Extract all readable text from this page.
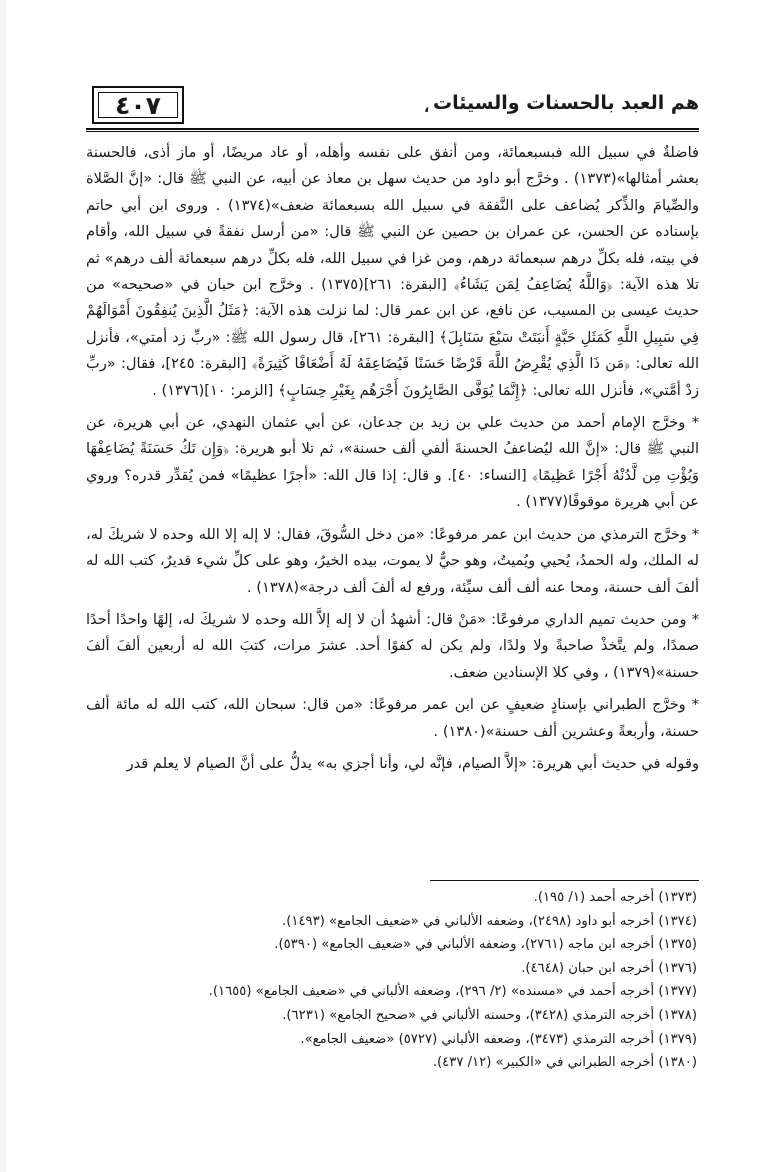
٤٠٧	، هم العبد بالحسنات والسيئات

فاضلةٌ في سبيل الله فبسبعمائة، ومن أنفق على نفسه وأهله، أو عاد مريضًا، أو ماز أذى، فالحسنة بعشر أمثالها»(١٣٧٣) . وخرَّج أبو داود من حديث سهل بن معاذ عن أبيه، عن النبي ﷺ قال: «إنَّ الصَّلاة والصِّيامَ والذِّكر يُضاعف على النَّفقة في سبيل الله بسبعمائة ضعف»(١٣٧٤) . وروى ابن أبي حاتم بإسناده عن الحسن، عن عمران بن حصين عن النبي ﷺ قال: «من أرسل نفقةً في سبيل الله، وأقام في بيته، فله بكلِّ درهم سبعمائة درهم، ومن غزا في سبيل الله، فله بكلِّ درهم سبعمائة ألف درهم» ثم تلا هذه الآية: ﴿وَاللَّهُ يُضَاعِفُ لِمَن يَشَاءُ﴾ [البقرة: ٢٦١](١٣٧٥) . وخرَّج ابن حبان في «صحيحه» من حديث عيسى بن المسيب، عن نافع، عن ابن عمر قال: لما نزلت هذه الآية: ﴿مَثَلُ الَّذِينَ يُنفِقُونَ أَمْوَالَهُمْ فِي سَبِيلِ اللَّهِ كَمَثَلِ حَبَّةٍ أَنبَتَتْ سَبْعَ سَنَابِلَ﴾ [البقرة: ٢٦١]، قال رسول الله ﷺ: «ربِّ زد أمتي»، فأنزل الله تعالى: ﴿مَن ذَا الَّذِي يُقْرِضُ اللَّهَ قَرْضًا حَسَنًا فَيُضَاعِفَهُ لَهُ أَضْعَافًا كَثِيرَةً﴾ [البقرة: ٢٤٥]، فقال: «ربِّ زدْ أمَّتي»، فأنزل الله تعالى: ﴿إِنَّمَا يُوَفَّى الصَّابِرُونَ أَجْرَهُم بِغَيْرِ حِسَابٍ﴾ [الزمر: ١٠](١٣٧٦) .

* وخرَّج الإمام أحمد من حديث علي بن زيد بن جدعان، عن أبي عثمان النهدي، عن أبي هريرة، عن النبي ﷺ قال: «إنَّ الله ليُضاعفُ الحسنةَ ألفي ألف حسنة»، ثم تلا أبو هريرة: ﴿وَإِن تَكُ حَسَنَةً يُضَاعِفْهَا وَيُؤْتِ مِن لَّدُنْهُ أَجْرًا عَظِيمًا﴾ [النساء: ٤٠]. و قال: إذا قال الله: «أجرًا عظيمًا» فمن يُقدِّر قدره؟ وروي عن أبي هريرة موقوفًا(١٣٧٧) .

* وخرَّج الترمذي من حديث ابن عمر مرفوعًا: «من دخل السُّوقَ، فقال: لا إله إلا الله وحده لا شريكَ له، له الملك، وله الحمدُ، يُحيي ويُميتُ، وهو حيٌّ لا يموت، بيده الخيرُ، وهو على كلِّ شيء قديرٌ، كتب الله له ألفَ ألف حسنة، ومحا عنه ألف ألف سيِّئة، ورفع له ألفَ ألف درجة»(١٣٧٨) .

* ومن حديث تميم الداري مرفوعًا: «مَنْ قال: أشهدُ أن لا إله إلاَّ الله وحده لا شريكَ له، إلهًا واحدًا أحدًا صمدًا، ولم يتَّخذْ صاحبةً ولا ولدًا، ولم يكن له كفوًا أحد. عشرَ مرات، كتبَ الله له أربعين ألفَ ألفَ حسنة»(١٣٧٩) ، وفي كلا الإسنادين ضعف.

* وخرَّج الطبراني بإسنادٍ ضعيفٍ عن ابن عمر مرفوعًا: «من قال: سبحان الله، كتب الله له مائة ألف حسنة، وأربعةً وعشرين ألف حسنة»(١٣٨٠) .

وقوله في حديث أبي هريرة: «إلاَّ الصيام، فإنَّه لي، وأنا أجزي به» يدلُّ على أنَّ الصيام لا يعلم قدر

(١٣٧٣) أخرجه أحمد (١/ ١٩٥).
(١٣٧٤) أخرجه أبو داود (٢٤٩٨)، وضعفه الألباني في «ضعيف الجامع» (١٤٩٣).
(١٣٧٥) أخرجه ابن ماجه (٢٧٦١)، وضعفه الألباني في «ضعيف الجامع» (٥٣٩٠).
(١٣٧٦) أخرجه ابن حبان (٤٦٤٨).
(١٣٧٧) أخرجه أحمد في «مسنده» (٢/ ٢٩٦)، وضعفه الألباني في «ضعيف الجامع» (١٦٥٥).
(١٣٧٨) أخرجه الترمذي (٣٤٢٨)، وحسنه الألباني في «صحيح الجامع» (٦٢٣١).
(١٣٧٩) أخرجه الترمذي (٣٤٧٣)، وضعفه الألباني (٥٧٢٧) «ضعيف الجامع».
(١٣٨٠) أخرجه الطبراني في «الكبير» (١٢/ ٤٣٧).
